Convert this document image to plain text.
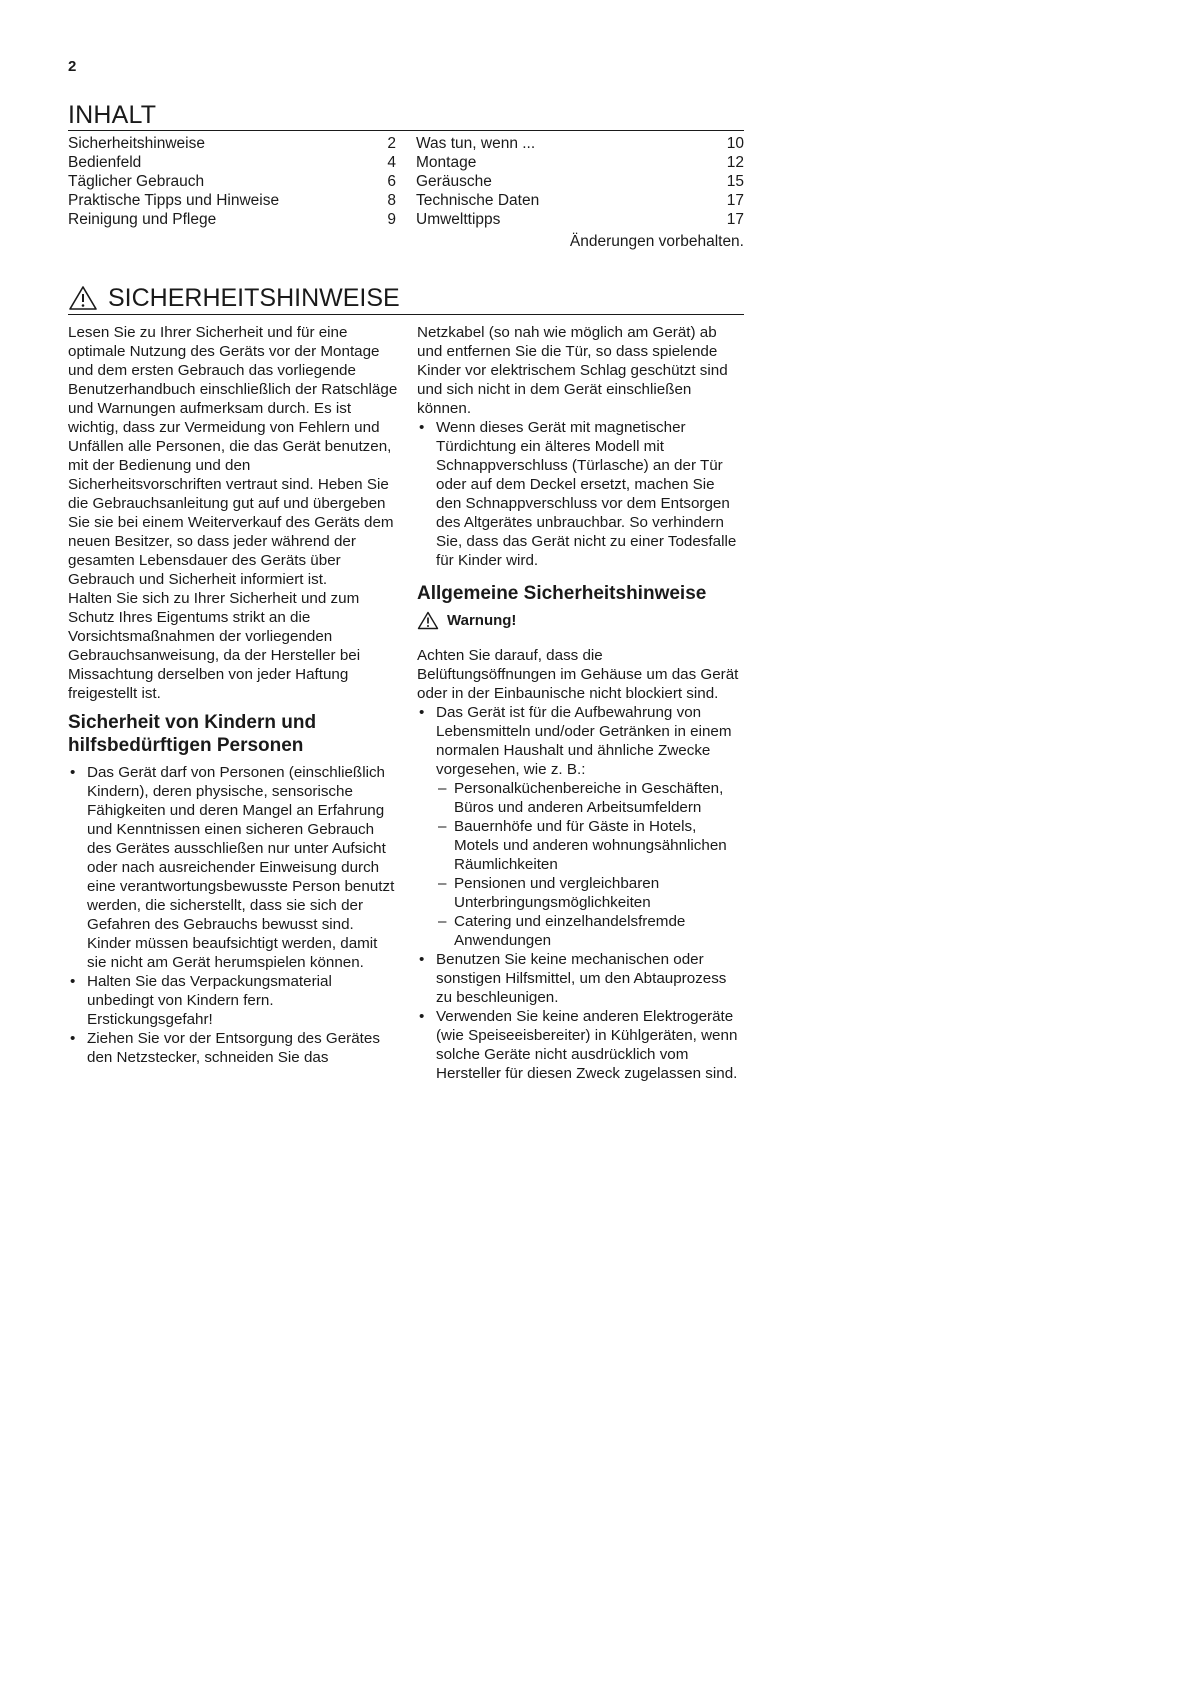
2
INHALT
Sicherheitshinweise	2
Bedienfeld	4
Täglicher Gebrauch	6
Praktische Tipps und Hinweise	8
Reinigung und Pflege	9
Was tun, wenn ...	10
Montage	12
Geräusche	15
Technische Daten	17
Umwelttipps	17
Änderungen vorbehalten.
SICHERHEITSHINWEISE

Lesen Sie zu Ihrer Sicherheit und für eine optimale Nutzung des Geräts vor der Montage und dem ersten Gebrauch das vorliegende Benutzerhandbuch einschließlich der Ratschläge und Warnungen aufmerksam durch. Es ist wichtig, dass zur Vermeidung von Fehlern und Unfällen alle Personen, die das Gerät benutzen, mit der Bedienung und den Sicherheitsvorschriften vertraut sind. Heben Sie die Gebrauchsanleitung gut auf und übergeben Sie sie bei einem Weiterverkauf des Geräts dem neuen Besitzer, so dass jeder während der gesamten Lebensdauer des Geräts über Gebrauch und Sicherheit informiert ist.

Halten Sie sich zu Ihrer Sicherheit und zum Schutz Ihres Eigentums strikt an die Vorsichtsmaßnahmen der vorliegenden Gebrauchsanweisung, da der Hersteller bei Missachtung derselben von jeder Haftung freigestellt ist.

Sicherheit von Kindern und hilfsbedürftigen Personen
• Das Gerät darf von Personen (einschließlich Kindern), deren physische, sensorische Fähigkeiten und deren Mangel an Erfahrung und Kenntnissen einen sicheren Gebrauch des Gerätes ausschließen nur unter Aufsicht oder nach ausreichender Einweisung durch eine verantwortungsbewusste Person benutzt werden, die sicherstellt, dass sie sich der Gefahren des Gebrauchs bewusst sind.
Kinder müssen beaufsichtigt werden, damit sie nicht am Gerät herumspielen können.
• Halten Sie das Verpackungsmaterial unbedingt von Kindern fern. Erstickungsgefahr!
• Ziehen Sie vor der Entsorgung des Gerätes den Netzstecker, schneiden Sie das

Netzkabel (so nah wie möglich am Gerät) ab und entfernen Sie die Tür, so dass spielende Kinder vor elektrischem Schlag geschützt sind und sich nicht in dem Gerät einschließen können.

• Wenn dieses Gerät mit magnetischer Türdichtung ein älteres Modell mit Schnappverschluss (Türlasche) an der Tür oder auf dem Deckel ersetzt, machen Sie den Schnappverschluss vor dem Entsorgen des Altgerätes unbrauchbar. So verhindern Sie, dass das Gerät nicht zu einer Todesfalle für Kinder wird.
Allgemeine Sicherheitshinweise
Warnung!

Achten Sie darauf, dass die Belüftungsöffnungen im Gehäuse um das Gerät oder in der Einbaunische nicht blockiert sind.

• Das Gerät ist für die Aufbewahrung von Lebensmitteln und/oder Getränken in einem normalen Haushalt und ähnliche Zwecke vorgesehen, wie z. B.:
– Personalküchenbereiche in Geschäften, Büros und anderen Arbeitsumfeldern
– Bauernhöfe und für Gäste in Hotels, Motels und anderen wohnungsähnlichen Räumlichkeiten
– Pensionen und vergleichbaren Unterbringungsmöglichkeiten
– Catering und einzelhandelsfremde Anwendungen
• Benutzen Sie keine mechanischen oder sonstigen Hilfsmittel, um den Abtauprozess zu beschleunigen.
• Verwenden Sie keine anderen Elektrogeräte (wie Speiseeisbereiter) in Kühlgeräten, wenn solche Geräte nicht ausdrücklich vom Hersteller für diesen Zweck zugelassen sind.
